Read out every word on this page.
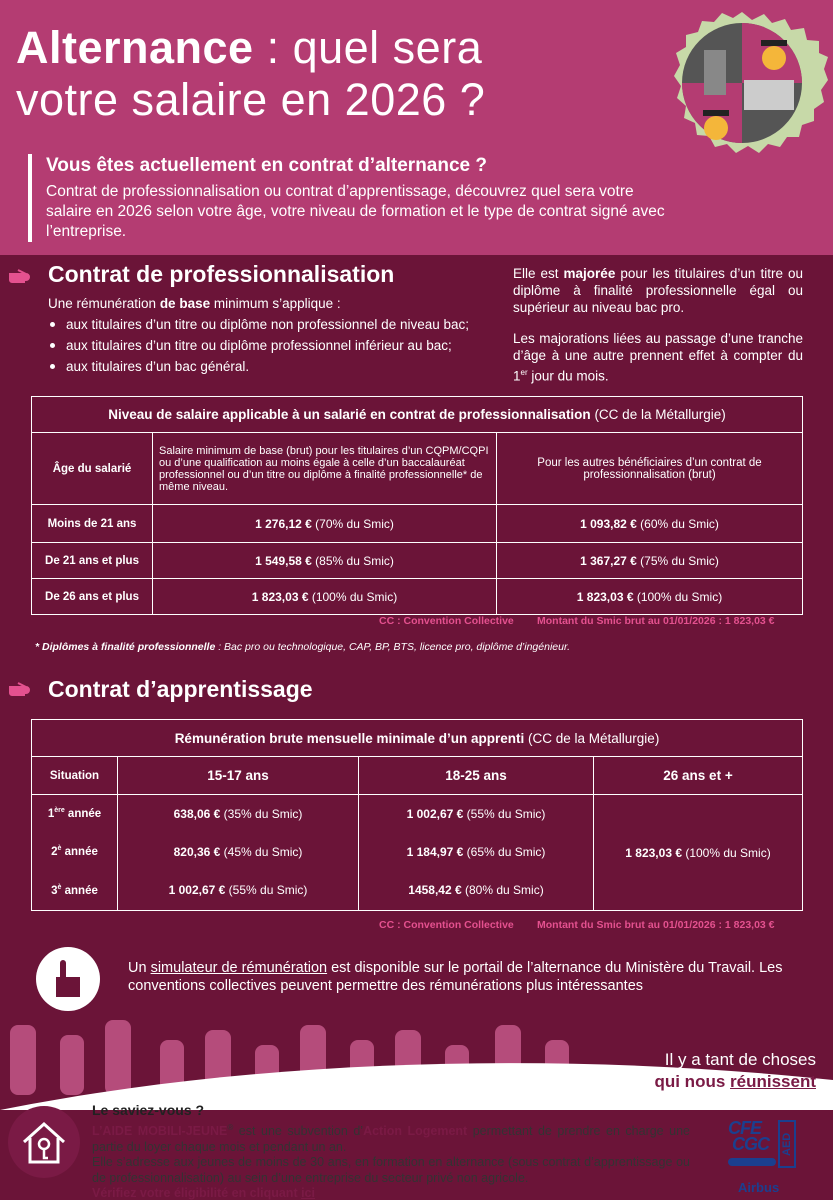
Alternance : quel sera
votre salaire en 2026 ?
Vous êtes actuellement en contrat d’alternance ?

Contrat de professionnalisation ou contrat d’apprentissage, découvrez quel sera votre salaire en 2026 selon votre âge, votre niveau de formation et le type de contrat signé avec l’entreprise.

Contrat de professionnalisation
Une rémunération de base minimum s’applique :
aux titulaires d’un titre ou diplôme non professionnel de niveau bac;
aux titulaires d’un titre ou diplôme professionnel inférieur au bac;
aux titulaires d’un bac général.

Elle est majorée pour les titulaires d’un titre ou diplôme à finalité professionnelle égal ou supérieur au niveau bac pro.

Les majorations liées au passage d’une tranche d’âge à une autre prennent effet à compter du 1er jour du mois.

Niveau de salaire applicable à un salarié en contrat de professionnalisation (CC de la Métallurgie)		
Âge du salarié	Salaire minimum de base (brut) pour les titulaires d’un CQPM/CQPI ou d’une qualification au moins égale à celle d’un baccalauréat professionnel ou d’un titre ou diplôme à finalité professionnelle* de même niveau.	Pour les autres bénéficiaires d’un contrat de professionnalisation (brut)
Moins de 21 ans	1 276,12 € (70% du Smic)	1 093,82 € (60% du Smic)
De 21 ans et plus	1 549,58 € (85% du Smic)	1 367,27 € (75% du Smic)
De 26 ans et plus	1 823,03 € (100% du Smic)	1 823,03 € (100% du Smic)
CC : Convention Collective Montant du Smic brut au 01/01/2026 : 1 823,03 €
* Diplômes à finalité professionnelle : Bac pro ou technologique, CAP, BP, BTS, licence pro, diplôme d’ingénieur.
Contrat d’apprentissage
Rémunération brute mensuelle minimale d’un apprenti (CC de la Métallurgie)			
Situation	15-17 ans	18-25 ans	26 ans et +
1ère année	638,06 € (35% du Smic)	1 002,67 € (55% du Smic)	1 823,03 € (100% du Smic)
$2^è$ année	820,36 € (45% du Smic)	1 184,97 € (65% du Smic)	
$3^è$ année	1 002,67 € (55% du Smic)	1458,42 € (80% du Smic)	
CC : Convention Collective Montant du Smic brut au 01/01/2026 : 1 823,03 €
Un simulateur de rémunération est disponible sur le portail de l’alternance du Ministère du Travail. Les conventions collectives peuvent permettre des rémunérations plus intéressantes
Il y a tant de choses
qui nous réunissent
Le saviez-vous ?

L’AIDE MOBILI-JEUNE® est une subvention d’Action Logement permettant de prendre en charge une partie du loyer chaque mois et pendant un an.

Elle s’adresse aux jeunes de moins de 30 ans, en formation en alternance (sous contrat d’apprentissage ou de professionnalisation) au sein d’une entreprise du secteur privé non agricole.

Vérifiez votre éligibilité en cliquant ici

CFE
CGC AED
Airbus
